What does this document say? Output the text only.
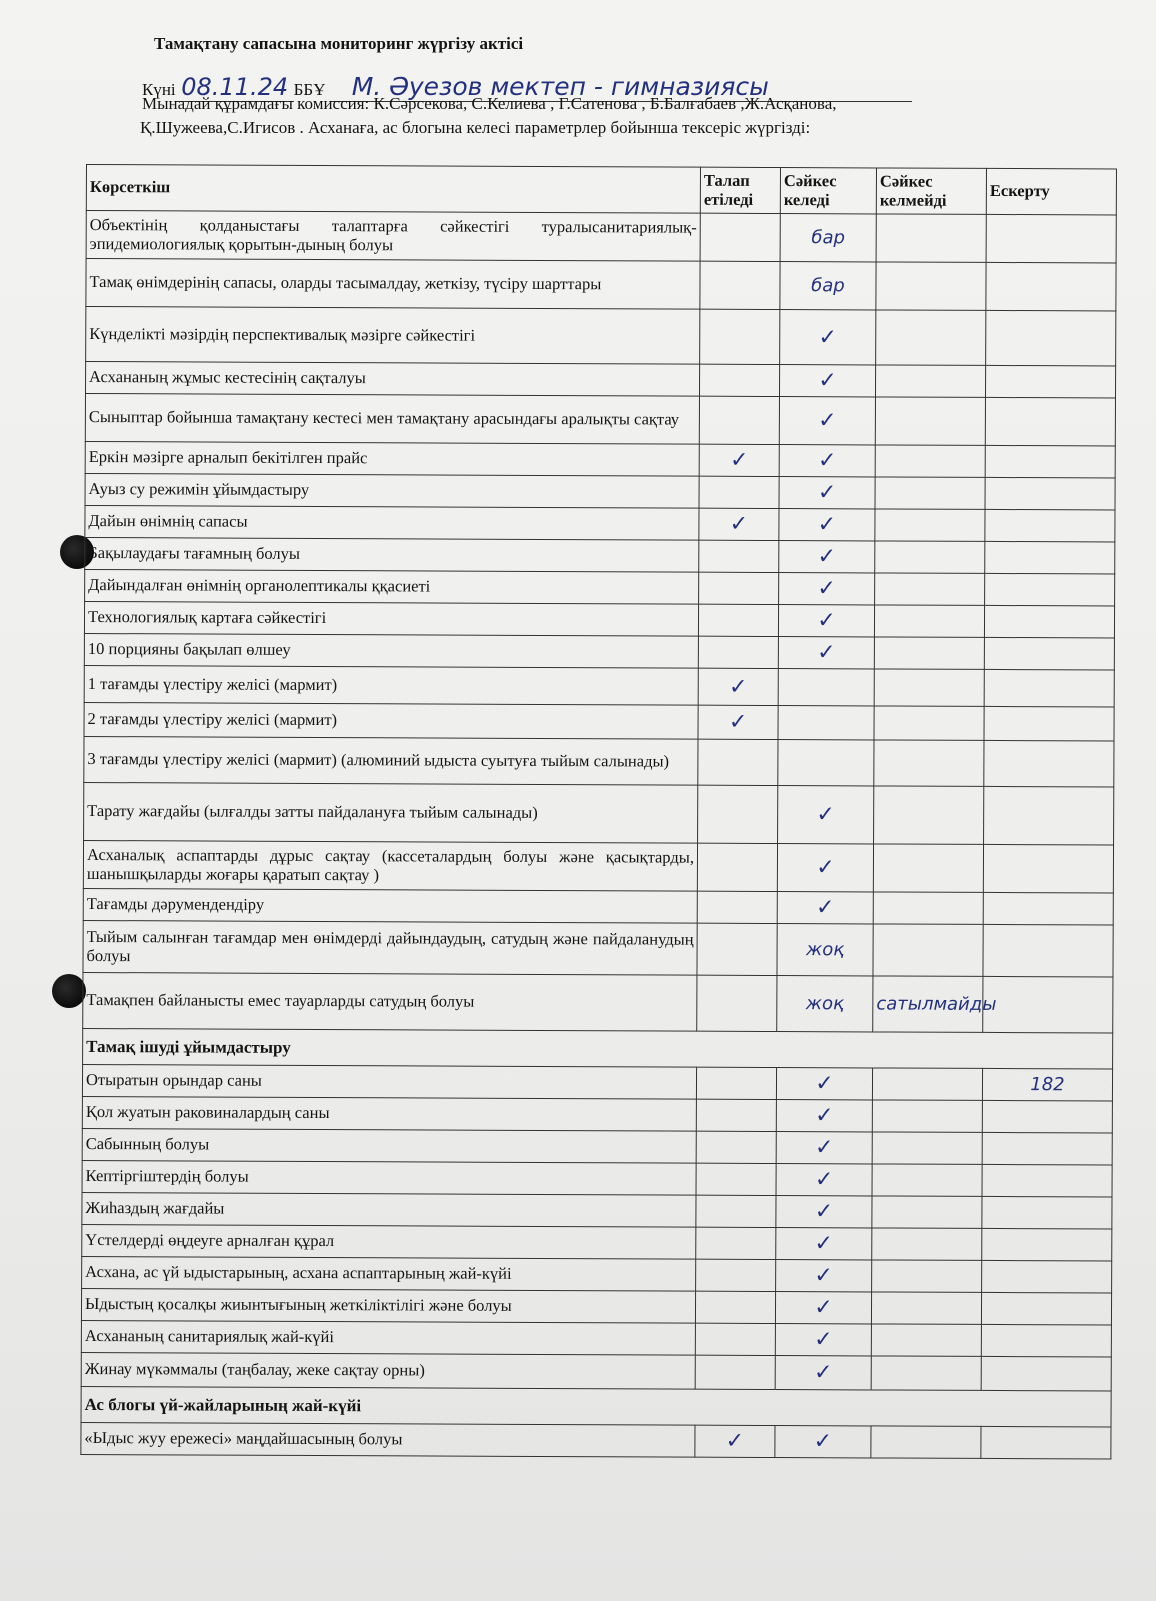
Тамақтану сапасына мониторинг жүргізу актісі
Күні 08.11.24 ББҰ М. Әуезов мектеп - гимназиясы
Мынадай құрамдағы комиссия: К.Сәрсекова, С.Келиева , Г.Сатенова , Б.Балғабаев ,Ж.Асқанова,
Қ.Шужеева,С.Игисов . Асханаға, ас блогына келесі параметрлер бойынша тексеріс жүргізді:
Көрсеткіш	Талап етіледі	Сәйкес келеді	Сәйкес келмейді	Ескерту
Объектінің қолданыстағы талаптарға сәйкестігі туралысанитариялық-эпидемиологиялық қорытын-дының болуы		бар		
Тамақ өнімдерінің сапасы, оларды тасымалдау, жеткізу, түсіру шарттары		бар		
Күнделікті мәзірдің перспективалық мәзірге сәйкестігі		✓		
Асхананың жұмыс кестесінің сақталуы		✓		
Сыныптар бойынша тамақтану кестесі мен тамақтану арасындағы аралықты сақтау		✓		
Еркін мәзірге арналып бекітілген прайс	✓	✓		
Ауыз су режимін ұйымдастыру		✓		
Дайын өнімнің сапасы	✓	✓		
Бақылаудағы тағамның болуы		✓		
Дайындалған өнімнің органолептикалы ққасиеті		✓		
Технологиялық картаға сәйкестігі		✓		
10 порцияны бақылап өлшеу		✓		
1 тағамды үлестіру желісі (мармит)	✓			
2 тағамды үлестіру желісі (мармит)	✓			
3 тағамды үлестіру желісі (мармит) (алюминий ыдыста суытуға тыйым салынады)				
Тарату жағдайы (ылғалды затты пайдалануға тыйым салынады)		✓		
Асханалық аспаптарды дұрыс сақтау (кассеталардың болуы және қасықтарды, шанышқыларды жоғары қаратып сақтау )		✓		
Тағамды дәрумендендіру		✓		
Тыйым салынған тағамдар мен өнімдерді дайындаудың, сатудың және пайдаланудың болуы		жоқ		
Тамақпен байланысты емес тауарларды сатудың болуы		жоқ	сатылмайды	
Тамақ ішуді ұйымдастыру				
Отыратын орындар саны		✓		182
Қол жуатын раковиналардың саны		✓		
Сабынның болуы		✓		
Кептіргіштердің болуы		✓		
Жиһаздың жағдайы		✓		
Үстелдерді өңдеуге арналған құрал		✓		
Асхана, ас үй ыдыстарының, асхана аспаптарының жай-күйі		✓		
Ыдыстың қосалқы жиынтығының жеткіліктілігі және болуы		✓		
Асхананың санитариялық жай-күйі		✓		
Жинау мүкәммалы (таңбалау, жеке сақтау орны)		✓		
Ас блогы үй-жайларының жай-күйі				
«Ыдыс жуу ережесі» маңдайшасының болуы	✓	✓		
